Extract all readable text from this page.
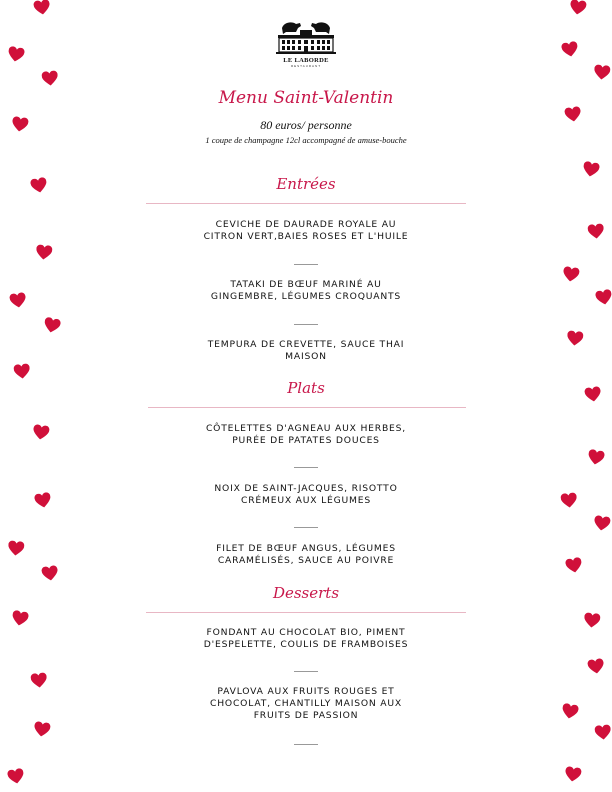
LE LABORDE
RESTAURANT
Menu Saint-Valentin
80 euros/ personne
1 coupe de champagne 12cl accompagné de amuse-bouche
Entrées
CEVICHE DE DAURADE ROYALE AU
CITRON VERT,BAIES ROSES ET L'HUILE
TATAKI DE BŒUF MARINÉ AU
GINGEMBRE, LÉGUMES CROQUANTS
TEMPURA DE CREVETTE, SAUCE THAI
MAISON
Plats
CÔTELETTES D'AGNEAU AUX HERBES,
PURÉE DE PATATES DOUCES
NOIX DE SAINT-JACQUES, RISOTTO
CRÉMEUX AUX LÉGUMES
FILET DE BŒUF ANGUS, LÉGUMES
CARAMÉLISÉS, SAUCE AU POIVRE
Desserts
FONDANT AU CHOCOLAT BIO, PIMENT
D'ESPELETTE, COULIS DE FRAMBOISES
PAVLOVA AUX FRUITS ROUGES ET
CHOCOLAT, CHANTILLY MAISON AUX
FRUITS DE PASSION
